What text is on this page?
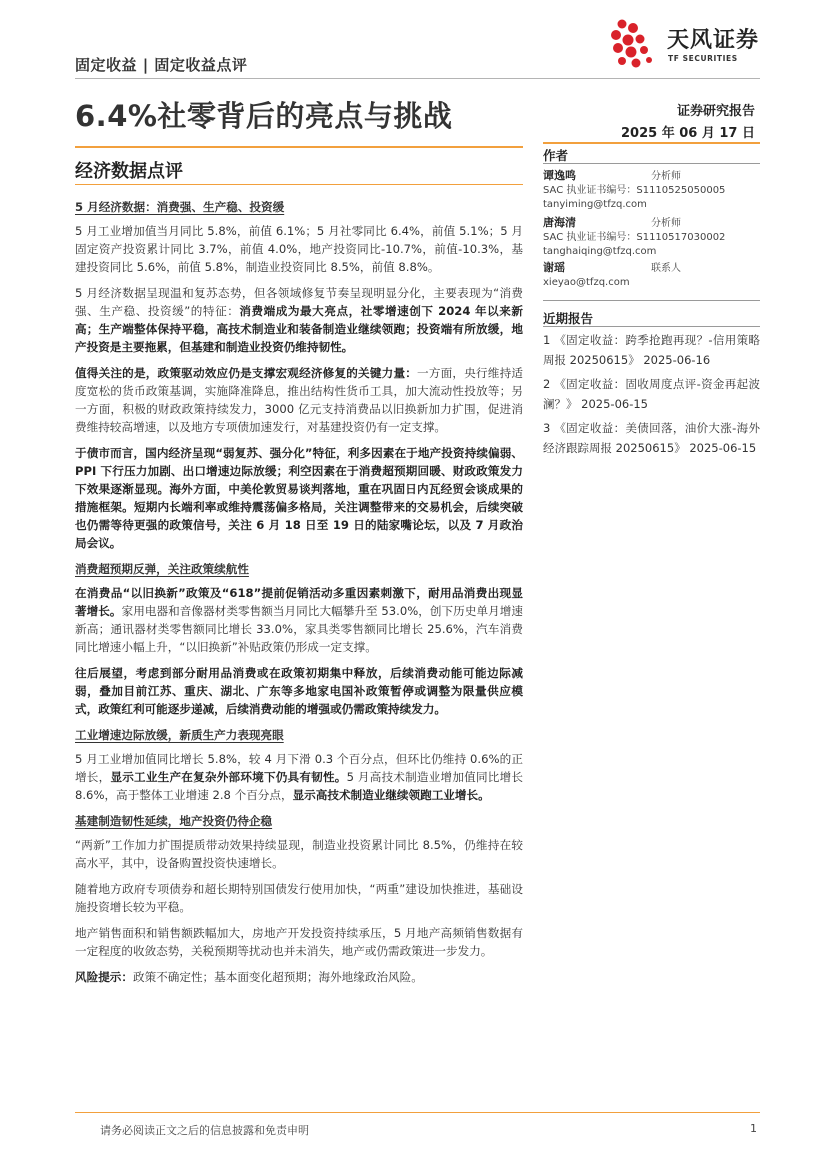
固定收益 | 固定收益点评
天风证券
TF SECURITIES
6.4%社零背后的亮点与挑战	证券研究报告
2025 年 06 月 17 日
经济数据点评
作者
谭逸鸣	分析师
SAC 执业证书编号：S1110525050005
tanyiming@tfzq.com
唐海清	分析师
SAC 执业证书编号：S1110517030002
tanghaiqing@tfzq.com
谢瑶	联系人
xieyao@tfzq.com
近期报告
1 《固定收益：跨季抢跑再现？-信用策略周报 20250615》 2025-06-16
2 《固定收益：固收周度点评-资金再起波澜？》 2025-06-15
3 《固定收益：美债回落，油价大涨-海外经济跟踪周报 20250615》 2025-06-15

5 月经济数据：消费强、生产稳、投资缓

5 月工业增加值当月同比 5.8%，前值 6.1%；5 月社零同比 6.4%，前值 5.1%；5 月固定资产投资累计同比 3.7%，前值 4.0%，地产投资同比-10.7%，前值-10.3%，基建投资同比 5.6%，前值 5.8%，制造业投资同比 8.5%，前值 8.8%。

5 月经济数据呈现温和复苏态势，但各领域修复节奏呈现明显分化，主要表现为“消费强、生产稳、投资缓”的特征：消费端成为最大亮点，社零增速创下 2024 年以来新高；生产端整体保持平稳，高技术制造业和装备制造业继续领跑；投资端有所放缓，地产投资是主要拖累，但基建和制造业投资仍维持韧性。

值得关注的是，政策驱动效应仍是支撑宏观经济修复的关键力量：一方面，央行维持适度宽松的货币政策基调，实施降准降息，推出结构性货币工具，加大流动性投放等；另一方面，积极的财政政策持续发力，3000 亿元支持消费品以旧换新加力扩围，促进消费维持较高增速，以及地方专项债加速发行，对基建投资仍有一定支撑。

于债市而言，国内经济呈现“弱复苏、强分化”特征，利多因素在于地产投资持续偏弱、PPI 下行压力加剧、出口增速边际放缓；利空因素在于消费超预期回暖、财政政策发力下效果逐渐显现。海外方面，中美伦敦贸易谈判落地，重在巩固日内瓦经贸会谈成果的措施框架。短期内长端利率或维持震荡偏多格局，关注调整带来的交易机会，后续突破也仍需等待更强的政策信号，关注 6 月 18 日至 19 日的陆家嘴论坛，以及 7 月政治局会议。

消费超预期反弹，关注政策续航性

在消费品“以旧换新”政策及“618”提前促销活动多重因素刺激下，耐用品消费出现显著增长。家用电器和音像器材类零售额当月同比大幅攀升至 53.0%，创下历史单月增速新高；通讯器材类零售额同比增长 33.0%，家具类零售额同比增长 25.6%，汽车消费同比增速小幅上升，“以旧换新”补贴政策仍形成一定支撑。

往后展望，考虑到部分耐用品消费或在政策初期集中释放，后续消费动能可能边际减弱，叠加目前江苏、重庆、湖北、广东等多地家电国补政策暂停或调整为限量供应模式，政策红利可能逐步递减，后续消费动能的增强或仍需政策持续发力。

工业增速边际放缓，新质生产力表现亮眼

5 月工业增加值同比增长 5.8%，较 4 月下滑 0.3 个百分点，但环比仍维持 0.6%的正增长，显示工业生产在复杂外部环境下仍具有韧性。5 月高技术制造业增加值同比增长 8.6%，高于整体工业增速 2.8 个百分点，显示高技术制造业继续领跑工业增长。

基建制造韧性延续，地产投资仍待企稳

“两新”工作加力扩围提质带动效果持续显现，制造业投资累计同比 8.5%，仍维持在较高水平，其中，设备购置投资快速增长。

随着地方政府专项债券和超长期特别国债发行使用加快，“两重”建设加快推进，基础设施投资增长较为平稳。

地产销售面积和销售额跌幅加大，房地产开发投资持续承压，5 月地产高频销售数据有一定程度的收敛态势，关税预期等扰动也并未消失，地产或仍需政策进一步发力。

风险提示：政策不确定性；基本面变化超预期；海外地缘政治风险。

请务必阅读正文之后的信息披露和免责申明	1
